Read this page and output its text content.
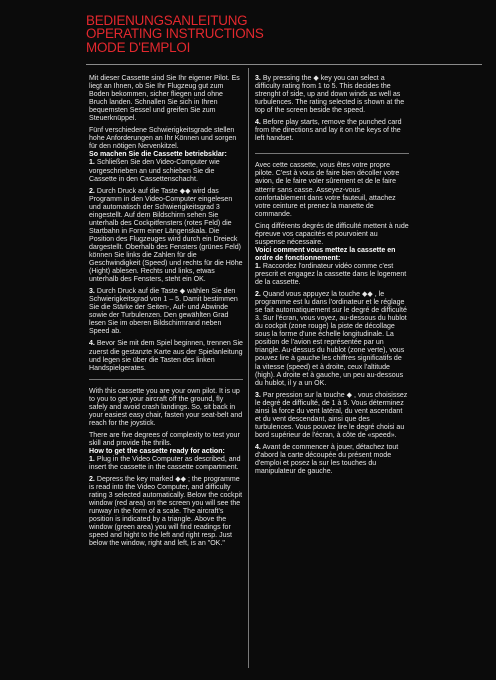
BEDIENUNGSANLEITUNG
OPERATING INSTRUCTIONS
MODE D'EMPLOI

Mit dieser Cassette sind Sie Ihr eigener Pilot. Es liegt an Ihnen, ob Sie Ihr Flugzeug gut zum Boden bekommen, sicher fliegen und ohne Bruch landen. Schnallen Sie sich in Ihren bequemsten Sessel und greifen Sie zum Steuerknüppel.

Fünf verschiedene Schwierigkeitsgrade stellen hohe Anforderungen an Ihr Können und sorgen für den nötigen Nervenkitzel.

So machen Sie die Cassette betriebsklar:

1. Schließen Sie den Video-Computer wie vorgeschrieben an und schieben Sie die Cassette in den Cassettenschacht.

2. Durch Druck auf die Taste ◆◆ wird das Programm in den Video-Computer eingelesen und automatisch der Schwierigkeitsgrad 3 eingestellt. Auf dem Bildschirm sehen Sie unterhalb des Cockpitfensters (rotes Feld) die Startbahn in Form einer Längenskala. Die Position des Flugzeuges wird durch ein Dreieck dargestellt. Oberhalb des Fensters (grünes Feld) können Sie links die Zahlen für die Geschwindigkeit (Speed) und rechts für die Höhe (Hight) ablesen. Rechts und links, etwas unterhalb des Fensters, steht ein OK.

3. Durch Druck auf die Taste ◆ wählen Sie den Schwierigkeitsgrad von 1 – 5. Damit bestimmen Sie die Stärke der Seiten-, Auf- und Abwinde sowie der Turbulenzen. Den gewählten Grad lesen Sie im oberen Bildschirmrand neben Speed ab.

4. Bevor Sie mit dem Spiel beginnen, trennen Sie zuerst die gestanzte Karte aus der Spielanleitung und legen sie über die Tasten des linken Handspielgerates.

With this cassette you are your own pilot. It is up to you to get your aircraft off the ground, fly safely and avoid crash landings. So, sit back in your easiest easy chair, fasten your seat-belt and reach for the joystick.

There are five degrees of complexity to test your skill and provide the thrills.

How to get the cassette ready for action:

1. Plug in the Video Computer as described, and insert the cassette in the cassette compartment.

2. Depress the key marked ◆◆ ; the programme is read into the Video Computer, and difficulty rating 3 selected automatically. Below the cockpit window (red area) on the screen you will see the runway in the form of a scale. The aircraft's position is indicated by a triangle. Above the window (green area) you will find readings for speed and hight to the left and right resp. Just below the window, right and left, is an "OK."

3. By pressing the ◆ key you can select a difficulty rating from 1 to 5. This decides the strenght of side, up and down winds as well as turbulences. The rating selected is shown at the top of the screen beside the speed.

4. Before play starts, remove the punched card from the directions and lay it on the keys of the left handset.

Avec cette cassette, vous êtes votre propre pilote. C'est à vous de faire bien décoller votre avion, de le faire voler sûrement et de le faire atterrir sans casse. Asseyez-vous confortablement dans votre fauteuil, attachez votre ceinture et prenez la manette de commande.

Cinq différents degrés de difficulté mettent à rude épreuve vos capacités et pourvoient au suspense nécessaire.

Voici comment vous mettez la cassette en ordre de fonctionnement:

1. Raccordez l'ordinateur vidéo comme c'est prescrit et engagez la cassette dans le logement de la cassette.

2. Quand vous appuyez la touche ◆◆ , le programme est lu dans l'ordinateur et le réglage se fait automatiquement sur le degré de difficulté 3. Sur l'écran, vous voyez, au-dessous du hublot du cockpit (zone rouge) la piste de décollage sous la forme d'une échelle longitudinale. La position de l'avion est représentée par un triangle. Au-dessus du hublot (zone verte), vous pouvez lire à gauche les chiffres significatifs de la vitesse (speed) et à droite, ceux l'altitude (high). A droite et à gauche, un peu au-dessous du hublot, il y a un OK.

3. Par pression sur la touche ◆ , vous choisissez le degré de difficulté, de 1 à 5. Vous déterminez ainsi la force du vent latéral, du vent ascendant et du vent descendant, ainsi que des turbulences. Vous pouvez lire le degré choisi au bord supérieur de l'écran, à côte de «speed».

4. Avant de commencer à jouer, détachez tout d'abord la carte découpée du présent mode d'emploi et posez la sur les touches du manipulateur de gauche.
